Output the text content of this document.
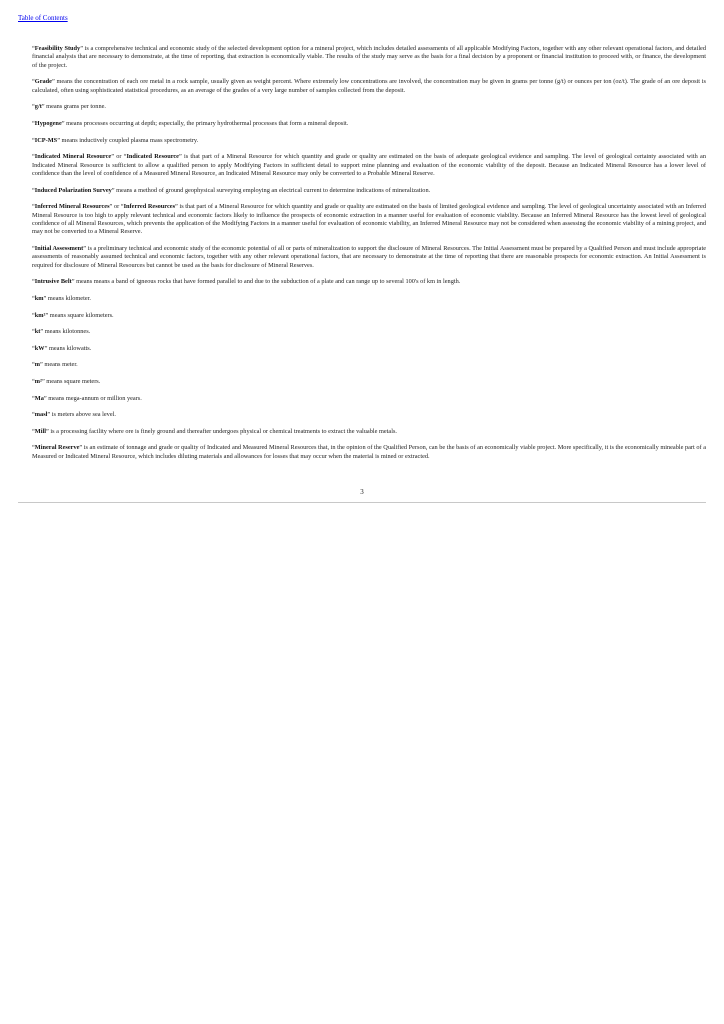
Table of Contents

“Feasibility Study” is a comprehensive technical and economic study of the selected development option for a mineral project, which includes detailed assessments of all applicable Modifying Factors, together with any other relevant operational factors, and detailed financial analysis that are necessary to demonstrate, at the time of reporting, that extraction is economically viable. The results of the study may serve as the basis for a final decision by a proponent or financial institution to proceed with, or finance, the development of the project.

“Grade” means the concentration of each ore metal in a rock sample, usually given as weight percent. Where extremely low concentrations are involved, the concentration may be given in grams per tonne (g/t) or ounces per ton (oz/t). The grade of an ore deposit is calculated, often using sophisticated statistical procedures, as an average of the grades of a very large number of samples collected from the deposit.

“g/t” means grams per tonne.

“Hypogene” means processes occurring at depth; especially, the primary hydrothermal processes that form a mineral deposit.

“ICP-MS” means inductively coupled plasma mass spectrometry.

“Indicated Mineral Resource” or “Indicated Resource” is that part of a Mineral Resource for which quantity and grade or quality are estimated on the basis of adequate geological evidence and sampling. The level of geological certainty associated with an Indicated Mineral Resource is sufficient to allow a qualified person to apply Modifying Factors in sufficient detail to support mine planning and evaluation of the economic viability of the deposit. Because an Indicated Mineral Resource has a lower level of confidence than the level of confidence of a Measured Mineral Resource, an Indicated Mineral Resource may only be converted to a Probable Mineral Reserve.

“Induced Polarization Survey” means a method of ground geophysical surveying employing an electrical current to determine indications of mineralization.

“Inferred Mineral Resources” or “Inferred Resources” is that part of a Mineral Resource for which quantity and grade or quality are estimated on the basis of limited geological evidence and sampling. The level of geological uncertainty associated with an Inferred Mineral Resource is too high to apply relevant technical and economic factors likely to influence the prospects of economic extraction in a manner useful for evaluation of economic viability. Because an Inferred Mineral Resource has the lowest level of geological confidence of all Mineral Resources, which prevents the application of the Modifying Factors in a manner useful for evaluation of economic viability, an Inferred Mineral Resource may not be considered when assessing the economic viability of a mining project, and may not be converted to a Mineral Reserve.

“Initial Assessment” is a preliminary technical and economic study of the economic potential of all or parts of mineralization to support the disclosure of Mineral Resources. The Initial Assessment must be prepared by a Qualified Person and must include appropriate assessments of reasonably assumed technical and economic factors, together with any other relevant operational factors, that are necessary to demonstrate at the time of reporting that there are reasonable prospects for economic extraction. An Initial Assessment is required for disclosure of Mineral Resources but cannot be used as the basis for disclosure of Mineral Reserves.

“Intrusive Belt” means means a band of igneous rocks that have formed parallel to and due to the subduction of a plate and can range up to several 100's of km in length.

“km” means kilometer.

“km²” means square kilometers.

“kt” means kilotonnes.

“kW” means kilowatts.

“m” means meter.

“m²” means square meters.

“Ma” means mega-annum or million years.

“masl” is meters above sea level.

“Mill” is a processing facility where ore is finely ground and thereafter undergoes physical or chemical treatments to extract the valuable metals.

“Mineral Reserve” is an estimate of tonnage and grade or quality of Indicated and Measured Mineral Resources that, in the opinion of the Qualified Person, can be the basis of an economically viable project. More specifically, it is the economically mineable part of a Measured or Indicated Mineral Resource, which includes diluting materials and allowances for losses that may occur when the material is mined or extracted.

3
